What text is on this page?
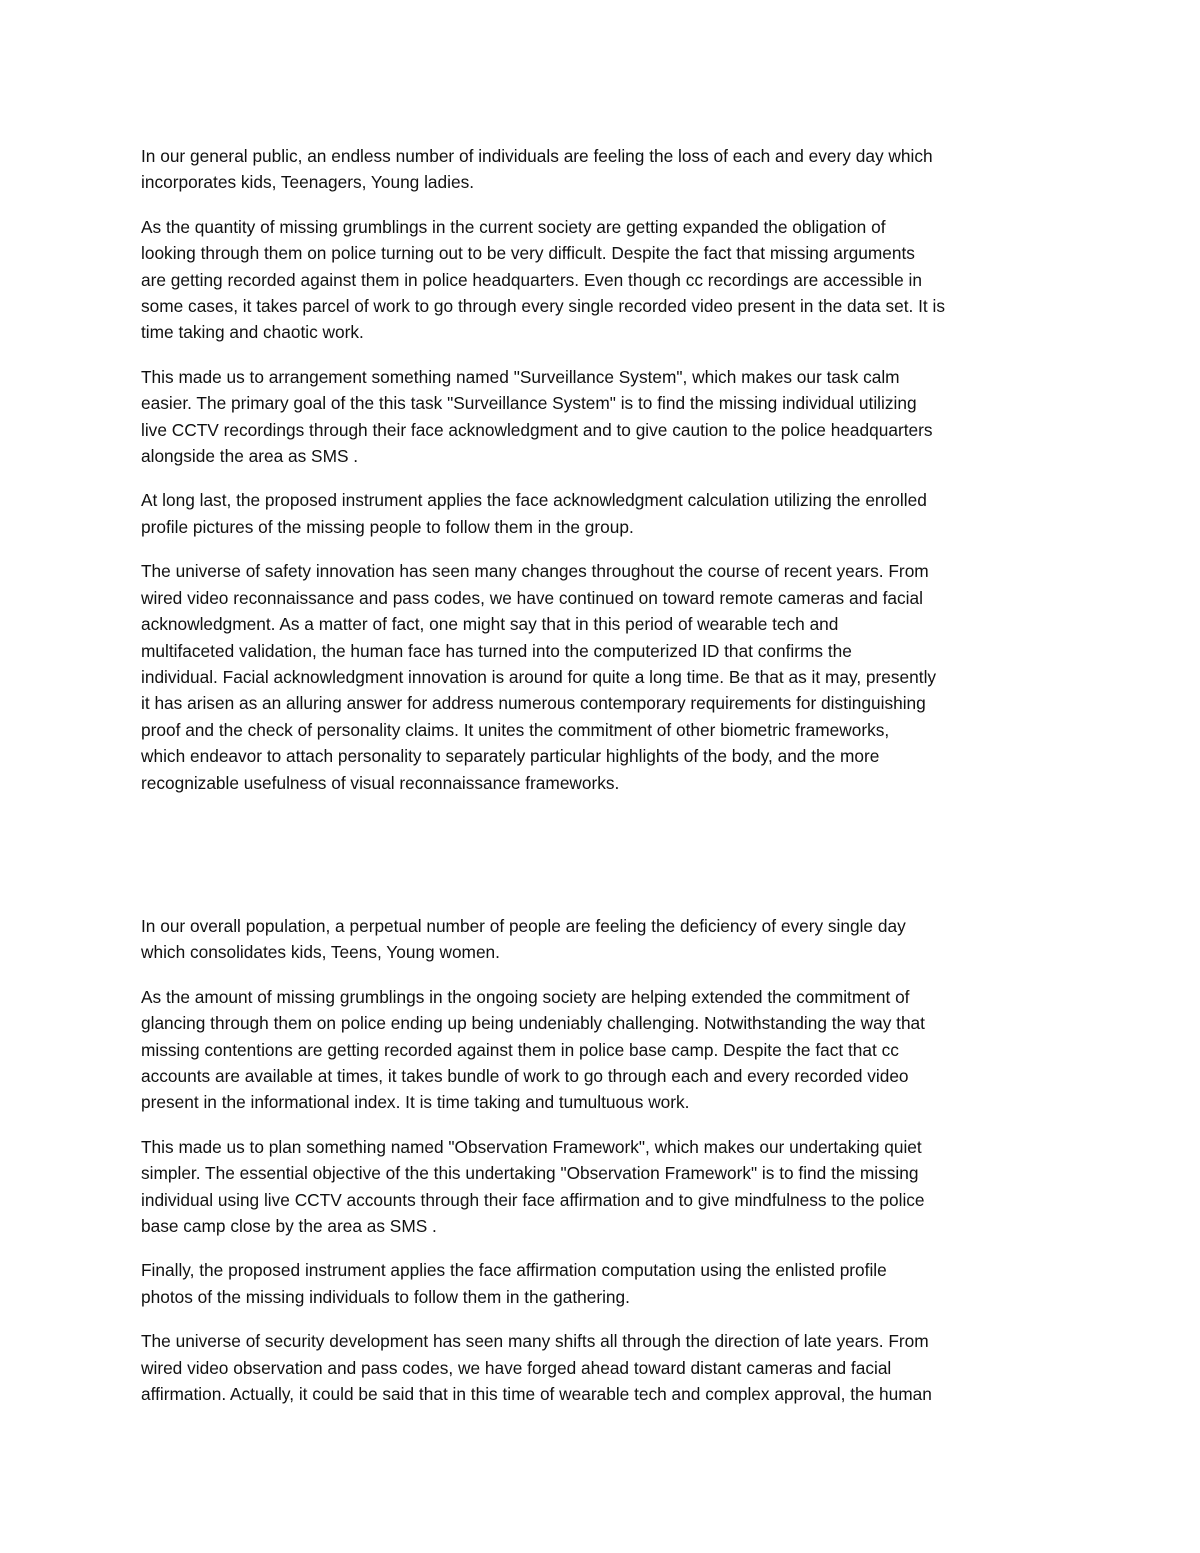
In our general public, an endless number of individuals are feeling the loss of each and every day which
incorporates kids, Teenagers, Young ladies.

As the quantity of missing grumblings in the current society are getting expanded the obligation of
looking through them on police turning out to be very difficult. Despite the fact that missing arguments
are getting recorded against them in police headquarters. Even though cc recordings are accessible in
some cases, it takes parcel of work to go through every single recorded video present in the data set. It is
time taking and chaotic work.

This made us to arrangement something named "Surveillance System", which makes our task calm
easier. The primary goal of the this task "Surveillance System" is to find the missing individual utilizing
live CCTV recordings through their face acknowledgment and to give caution to the police headquarters
alongside the area as SMS .

At long last, the proposed instrument applies the face acknowledgment calculation utilizing the enrolled
profile pictures of the missing people to follow them in the group.

The universe of safety innovation has seen many changes throughout the course of recent years. From
wired video reconnaissance and pass codes, we have continued on toward remote cameras and facial
acknowledgment. As a matter of fact, one might say that in this period of wearable tech and
multifaceted validation, the human face has turned into the computerized ID that confirms the
individual. Facial acknowledgment innovation is around for quite a long time. Be that as it may, presently
it has arisen as an alluring answer for address numerous contemporary requirements for distinguishing
proof and the check of personality claims. It unites the commitment of other biometric frameworks,
which endeavor to attach personality to separately particular highlights of the body, and the more
recognizable usefulness of visual reconnaissance frameworks.

In our overall population, a perpetual number of people are feeling the deficiency of every single day
which consolidates kids, Teens, Young women.

As the amount of missing grumblings in the ongoing society are helping extended the commitment of
glancing through them on police ending up being undeniably challenging. Notwithstanding the way that
missing contentions are getting recorded against them in police base camp. Despite the fact that cc
accounts are available at times, it takes bundle of work to go through each and every recorded video
present in the informational index. It is time taking and tumultuous work.

This made us to plan something named "Observation Framework", which makes our undertaking quiet
simpler. The essential objective of the this undertaking "Observation Framework" is to find the missing
individual using live CCTV accounts through their face affirmation and to give mindfulness to the police
base camp close by the area as SMS .

Finally, the proposed instrument applies the face affirmation computation using the enlisted profile
photos of the missing individuals to follow them in the gathering.

The universe of security development has seen many shifts all through the direction of late years. From
wired video observation and pass codes, we have forged ahead toward distant cameras and facial
affirmation. Actually, it could be said that in this time of wearable tech and complex approval, the human
